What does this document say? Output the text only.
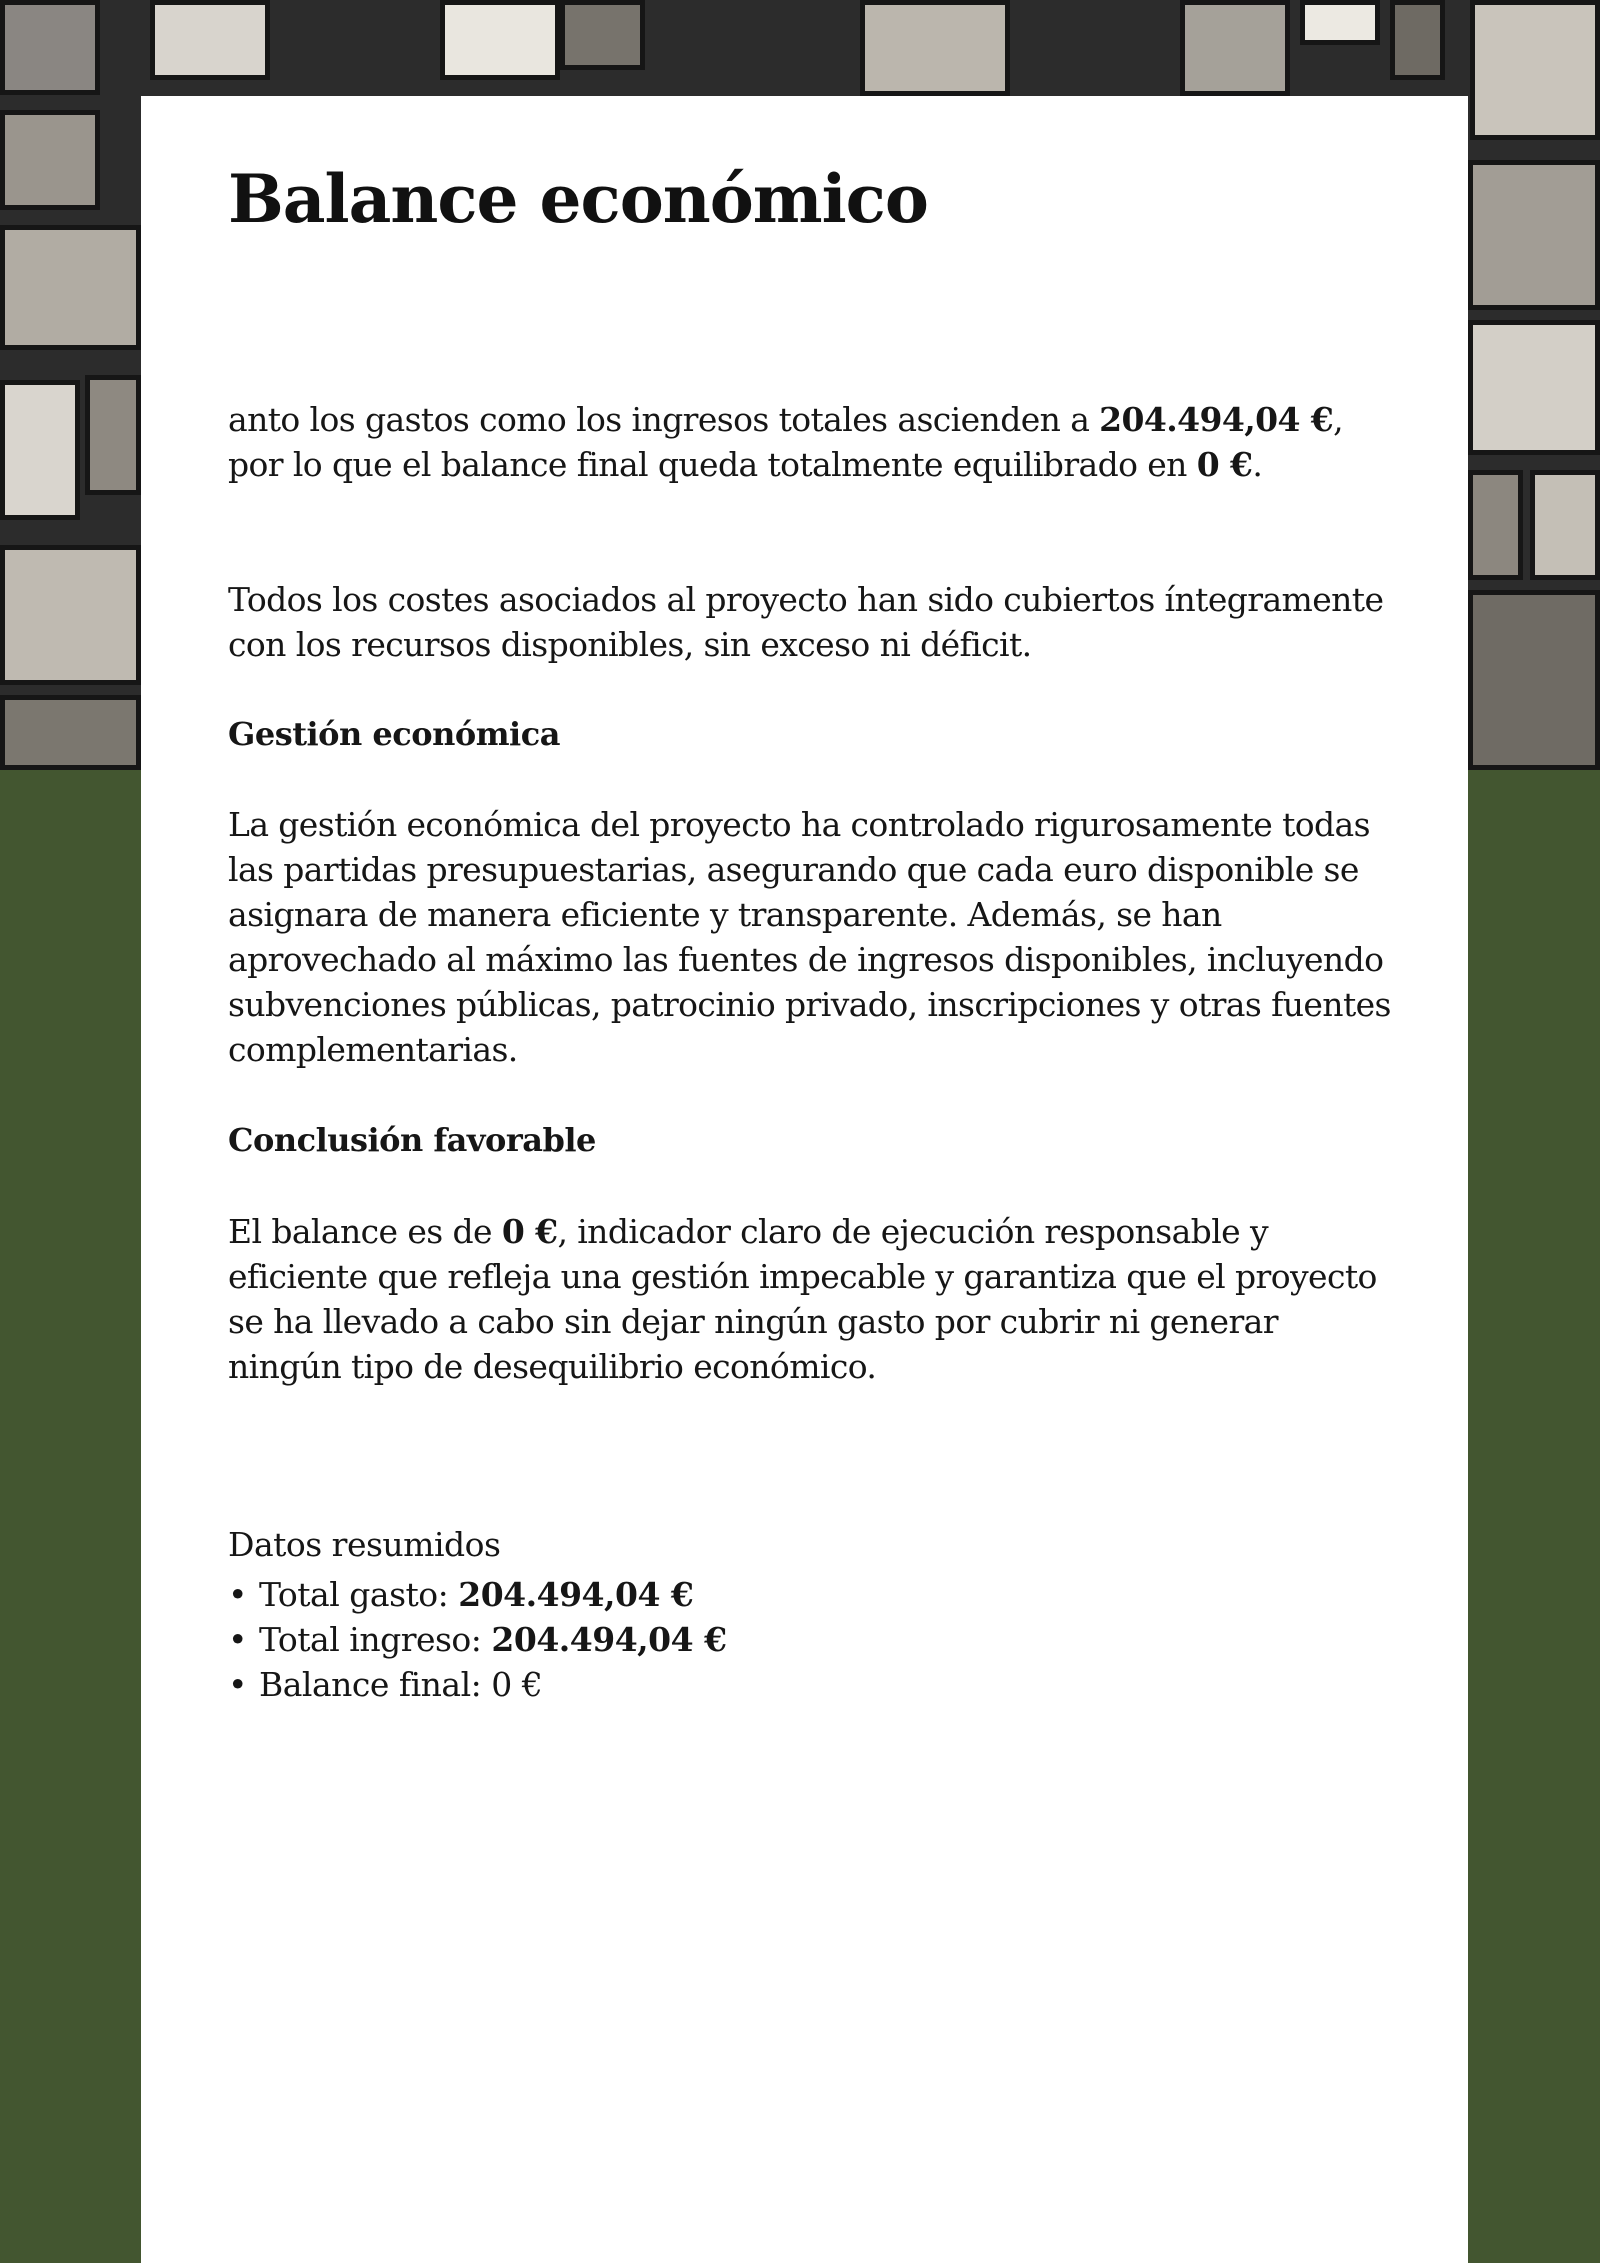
Balance económico

anto los gastos como los ingresos totales ascienden a 204.494,04 €, por lo que el balance final queda totalmente equilibrado en 0 €.

Todos los costes asociados al proyecto han sido cubiertos íntegramente con los recursos disponibles, sin exceso ni déficit.

Gestión económica

La gestión económica del proyecto ha controlado rigurosamente todas las partidas presupuestarias, asegurando que cada euro disponible se asignara de manera eficiente y transparente. Además, se han aprovechado al máximo las fuentes de ingresos disponibles, incluyendo subvenciones públicas, patrocinio privado, inscripciones y otras fuentes complementarias.

Conclusión favorable

El balance es de 0 €, indicador claro de ejecución responsable y eficiente que refleja una gestión impecable y garantiza que el proyecto se ha llevado a cabo sin dejar ningún gasto por cubrir ni generar ningún tipo de desequilibrio económico.

Datos resumidos

• Total gasto: 204.494,04 €
• Total ingreso: 204.494,04 €
• Balance final: 0 €
